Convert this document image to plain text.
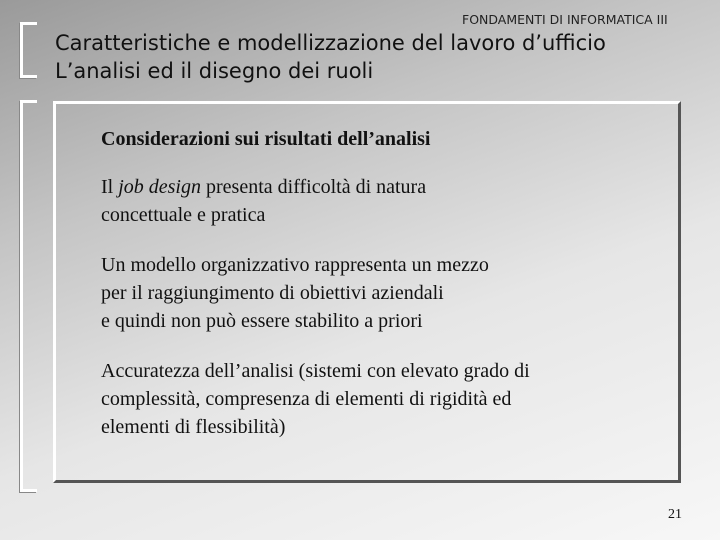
FONDAMENTI DI INFORMATICA III
Caratteristiche e modellizzazione del lavoro d’ufficio
L’analisi ed il disegno dei ruoli
Considerazioni sui risultati dell’analisi
Il job design presenta difficoltà di natura
concettuale e pratica
Un modello organizzativo rappresenta un mezzo
per il raggiungimento di obiettivi aziendali
e quindi non può essere stabilito a priori
Accuratezza dell’analisi (sistemi con elevato grado di
complessità, compresenza di elementi di rigidità ed
elementi di flessibilità)
21
